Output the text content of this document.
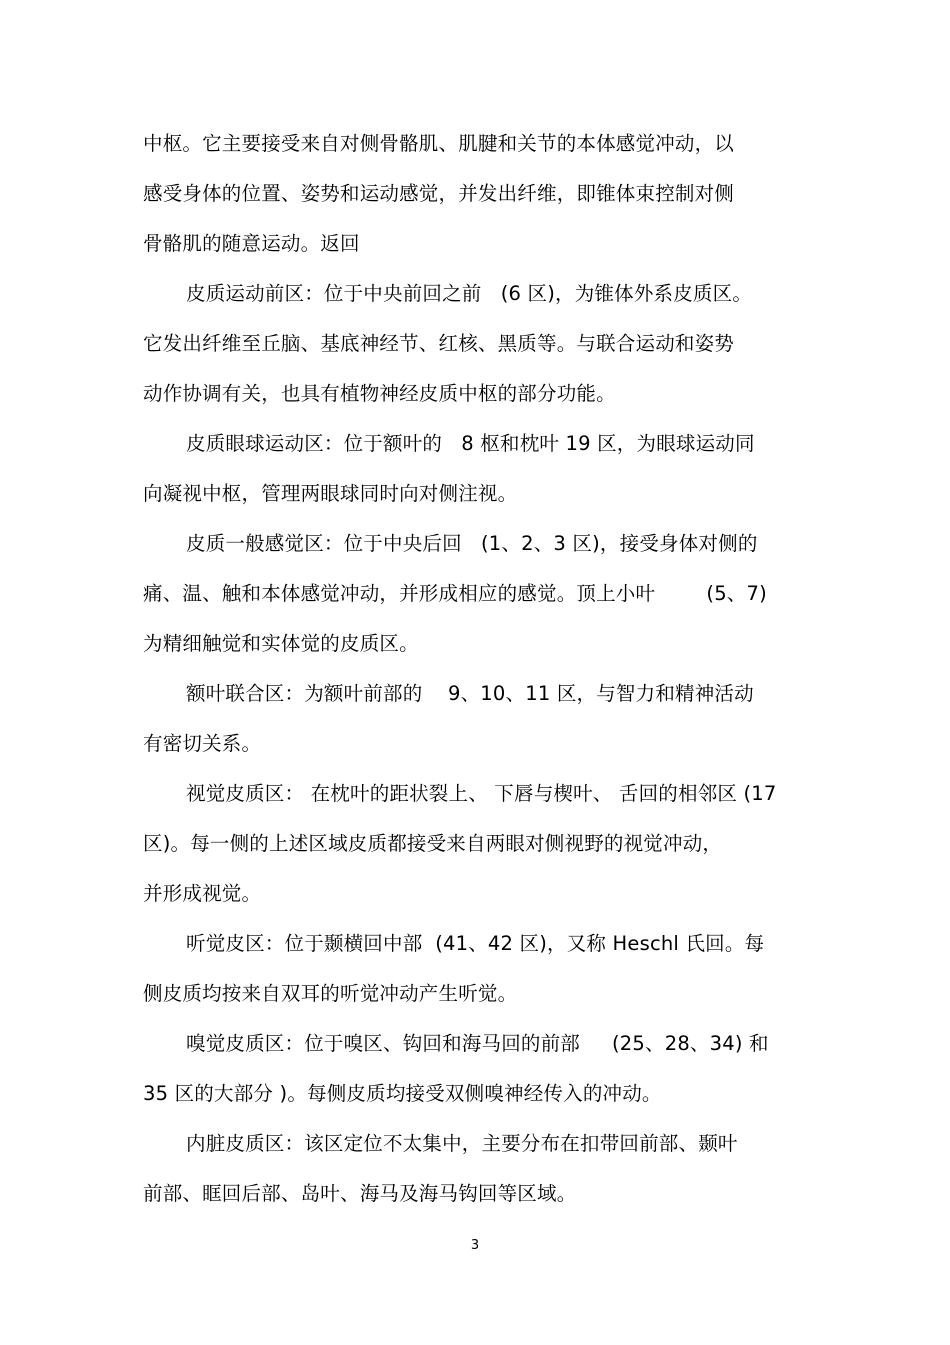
中枢。它主要接受来自对侧骨骼肌、肌腱和关节的本体感觉冲动，以

感受身体的位置、姿势和运动感觉，并发出纤维，即锥体束控制对侧

骨骼肌的随意运动。返回

皮质运动前区：位于中央前回之前   (6 区)，为锥体外系皮质区。

它发出纤维至丘脑、基底神经节、红核、黑质等。与联合运动和姿势

动作协调有关，也具有植物神经皮质中枢的部分功能。

皮质眼球运动区：位于额叶的   8 枢和枕叶 19 区，为眼球运动同

向凝视中枢，管理两眼球同时向对侧注视。

皮质一般感觉区：位于中央后回   (1、2、3 区)，接受身体对侧的

痛、温、触和本体感觉冲动，并形成相应的感觉。顶上小叶        (5、7)

为精细触觉和实体觉的皮质区。

额叶联合区：为额叶前部的    9、10、11 区，与智力和精神活动

有密切关系。

视觉皮质区： 在枕叶的距状裂上、 下唇与楔叶、 舌回的相邻区 (17

区)。每一侧的上述区域皮质都接受来自两眼对侧视野的视觉冲动，

并形成视觉。

听觉皮区：位于颞横回中部  (41、42 区)，又称 Heschl 氏回。每

侧皮质均按来自双耳的听觉冲动产生听觉。

嗅觉皮质区：位于嗅区、钩回和海马回的前部     (25、28、34) 和

35 区的大部分 )。每侧皮质均接受双侧嗅神经传入的冲动。

内脏皮质区：该区定位不太集中，主要分布在扣带回前部、颞叶

前部、眶回后部、岛叶、海马及海马钩回等区域。

3
